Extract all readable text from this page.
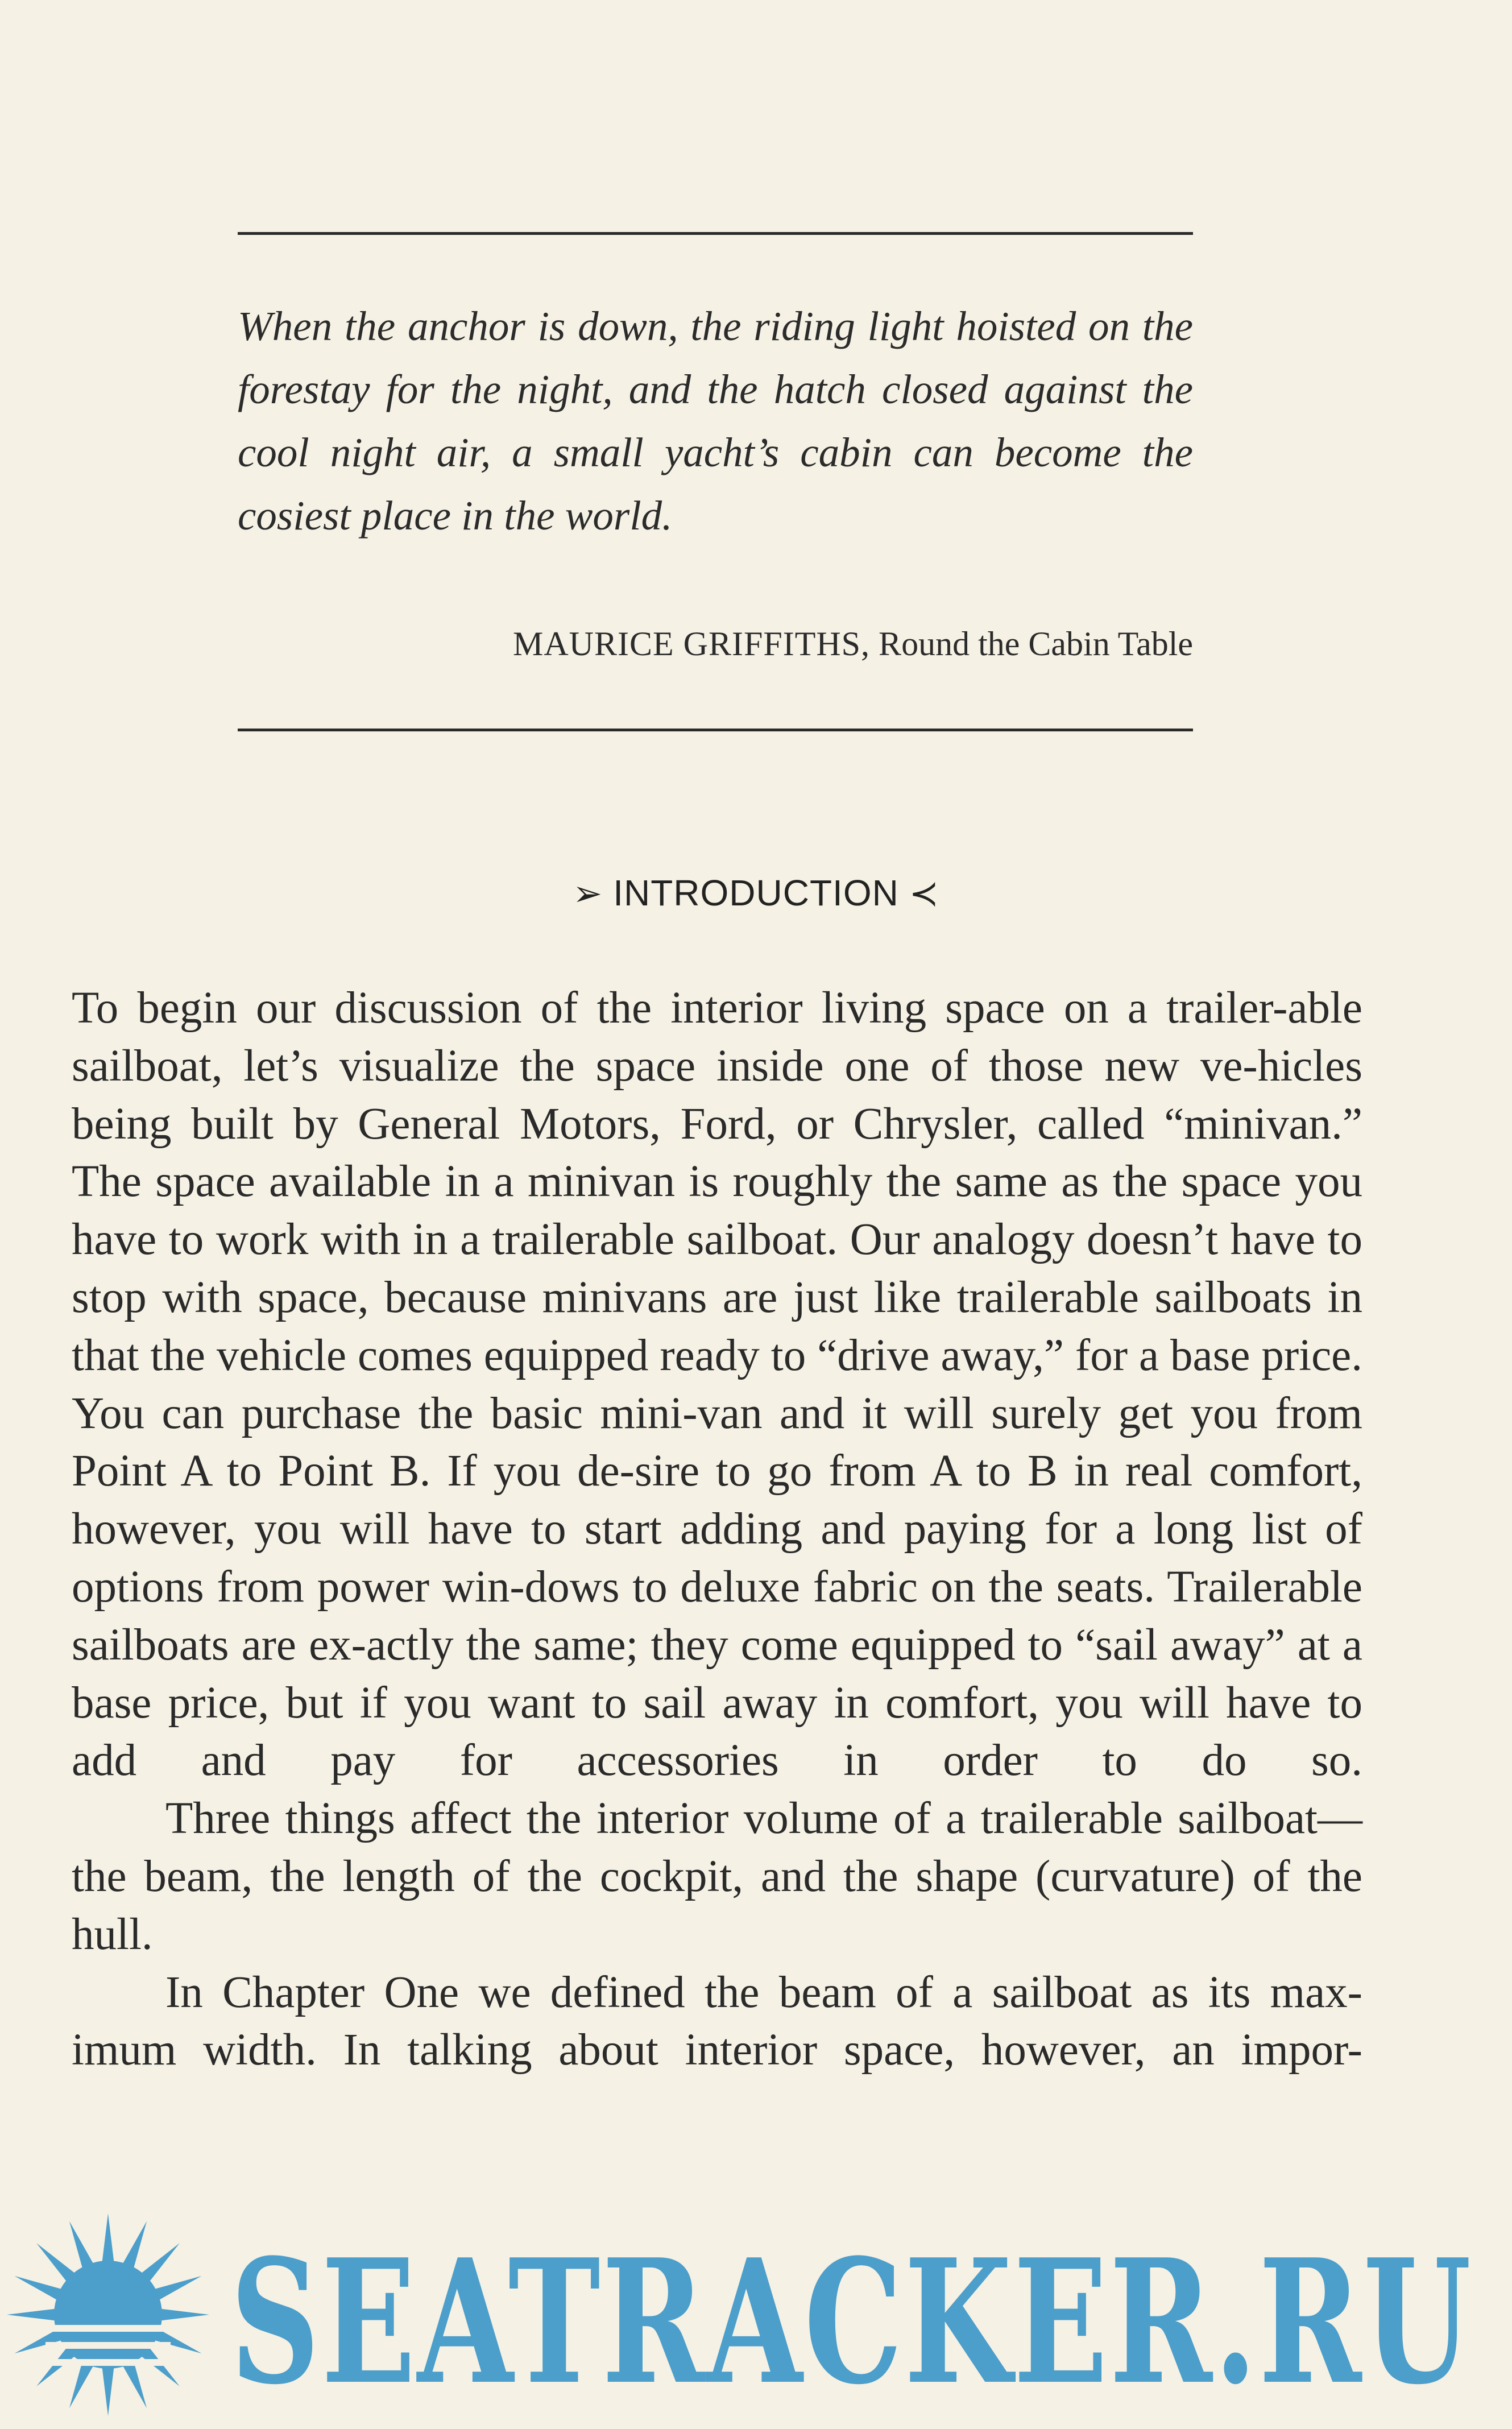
When the anchor is down, the riding light hoisted on the forestay for the night, and the hatch closed against the cool night air, a small yacht’s cabin can become the cosiest place in the world.
MAURICE GRIFFITHS, Round the Cabin Table
➢ INTRODUCTION ≺

To begin our discussion of the interior living space on a trailer-able sailboat, let’s visualize the space inside one of those new ve-hicles being built by General Motors, Ford, or Chrysler, called “minivan.” The space available in a minivan is roughly the same as the space you have to work with in a trailerable sailboat. Our analogy doesn’t have to stop with space, because minivans are just like trailerable sailboats in that the vehicle comes equipped ready to “drive away,” for a base price. You can purchase the basic mini-van and it will surely get you from Point A to Point B. If you de-sire to go from A to B in real comfort, however, you will have to start adding and paying for a long list of options from power win-dows to deluxe fabric on the seats. Trailerable sailboats are ex-actly the same; they come equipped to “sail away” at a base price, but if you want to sail away in comfort, you will have to add and pay for accessories in order to do so.

Three things affect the interior volume of a trailerable sailboat—the beam, the length of the cockpit, and the shape (curvature) of the hull.

In Chapter One we defined the beam of a sailboat as its max-imum width. In talking about interior space, however, an impor-

SEATRACKER.RU
